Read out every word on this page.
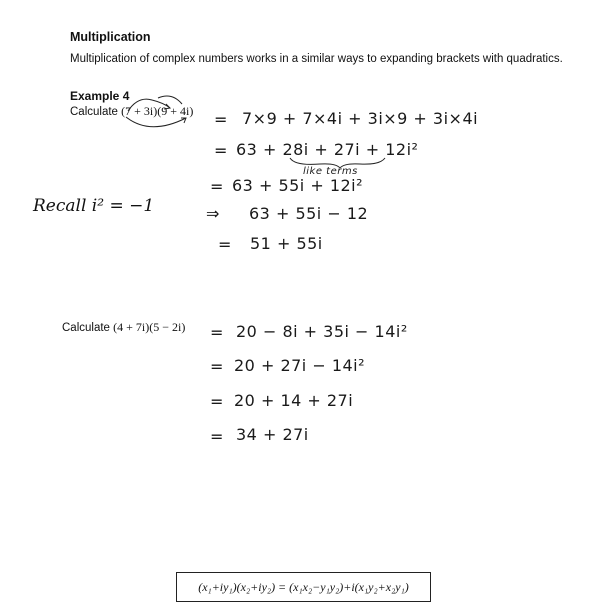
Multiplication
Multiplication of complex numbers works in a similar ways to expanding brackets with quadratics.
Example 4
Calculate (7 + 3i)(9 + 4i) = 7×9 + 7×4i + 3i×9 + 3i×4i
= 63 + 28i + 27i + 12i²
like terms
= 63 + 55i + 12i²
Recall i² = −1	⇒ 63 + 55i − 12
= 51 + 55i
Calculate (4 + 7i)(5 − 2i) = 20 − 8i + 35i − 14i²
= 20 + 27i − 14i²
= 20 + 14 + 27i
= 34 + 27i
(x₁+iy₁)(x₂+iy₂) = (x₁x₂−y₁y₂)+i(x₁y₂+x₂y₁)
